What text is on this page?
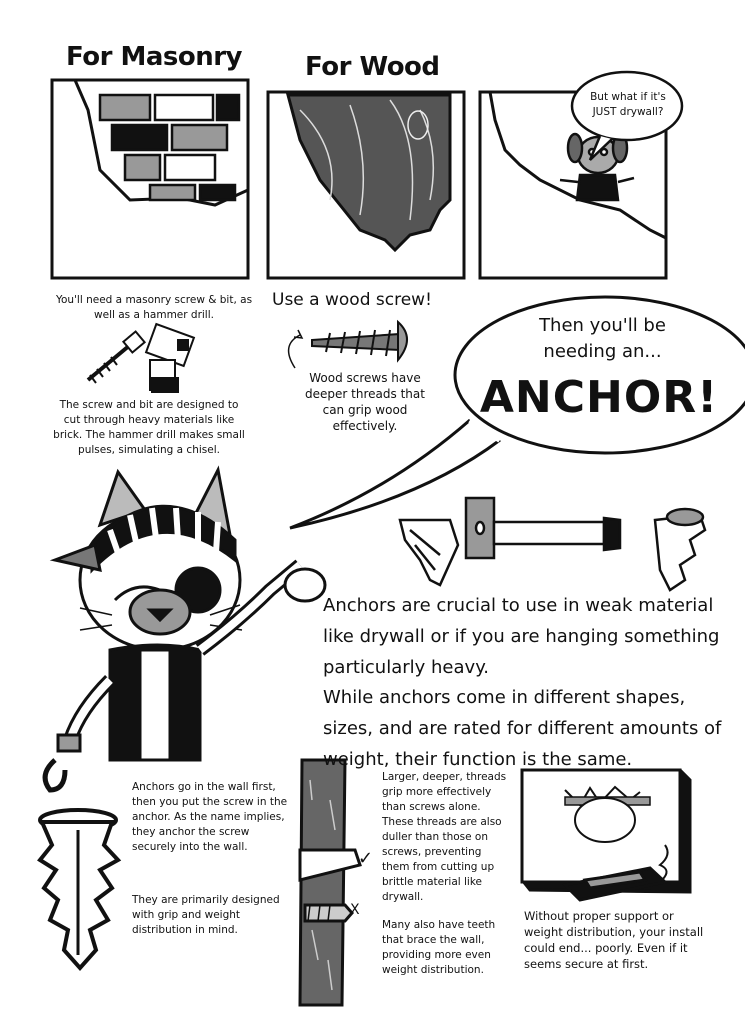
For Masonry For Wood
But what if it's JUST drywall?
You'll need a masonry screw & bit, as well as a hammer drill.
The screw and bit are designed to cut through heavy materials like brick. The hammer drill makes small pulses, simulating a chisel.
Use a wood screw!
Wood screws have deeper threads that can grip wood effectively.
Then you'll be needing an...
ANCHOR!
Anchors are crucial to use in weak material like drywall or if you are hanging something particularly heavy.
While anchors come in different shapes, sizes, and are rated for different amounts of weight, their function is the same.
Anchors go in the wall first, then you put the screw in the anchor. As the name implies, they anchor the screw securely into the wall.
They are primarily designed with grip and weight distribution in mind.
Larger, deeper, threads grip more effectively than screws alone. These threads are also duller than those on screws, preventing them from cutting up brittle material like drywall.
Many also have teeth that brace the wall, providing more even weight distribution.
✓
X	Without proper support or weight distribution, your install could end... poorly. Even if it seems secure at first.
